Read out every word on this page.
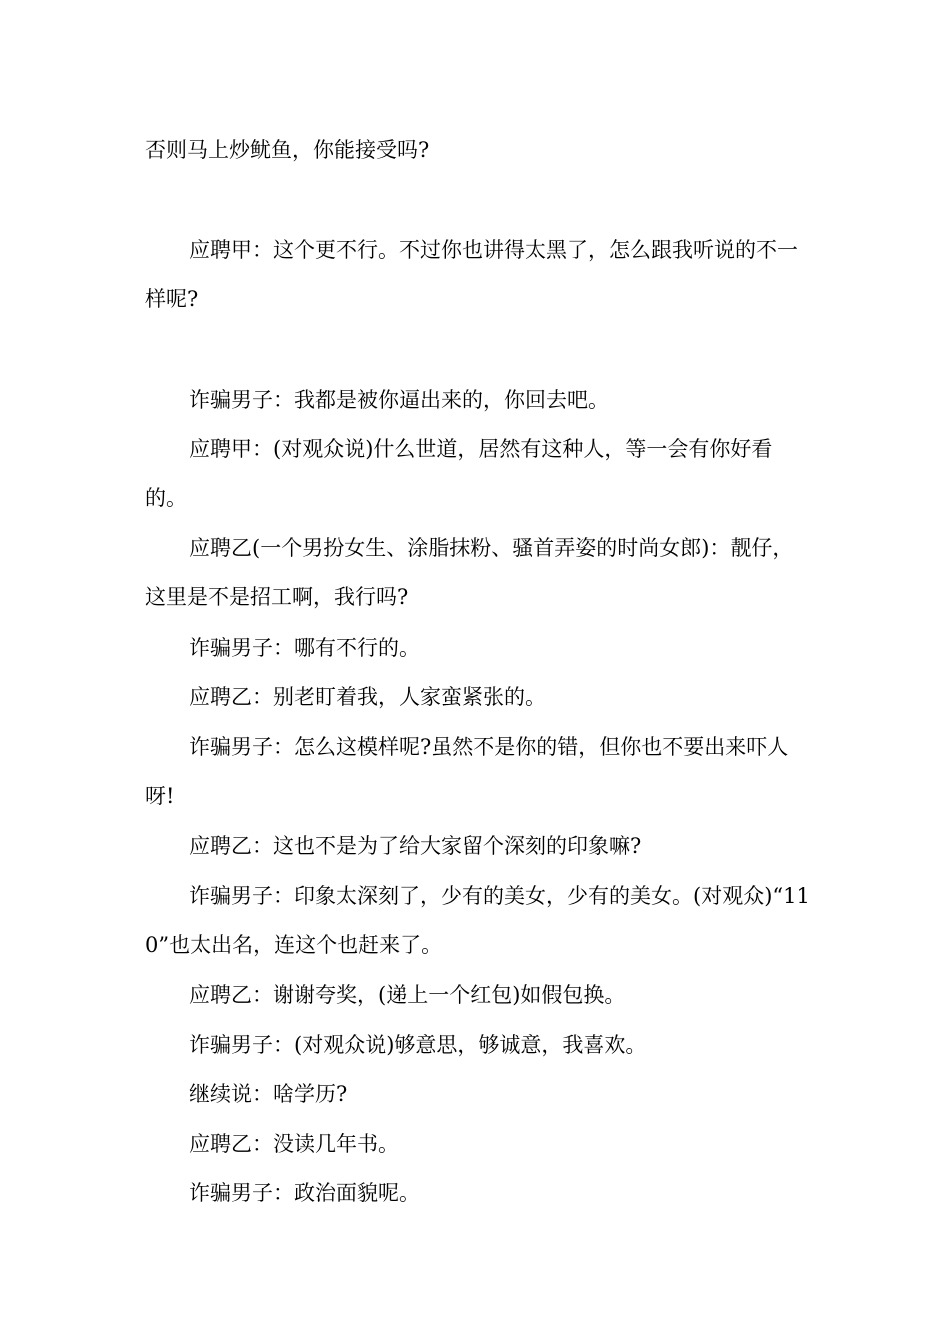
否则马上炒鱿鱼，你能接受吗?

应聘甲：这个更不行。不过你也讲得太黑了，怎么跟我听说的不一样呢?

诈骗男子：我都是被你逼出来的，你回去吧。

应聘甲：(对观众说)什么世道，居然有这种人，等一会有你好看的。

应聘乙(一个男扮女生、涂脂抹粉、骚首弄姿的时尚女郎)：靓仔，这里是不是招工啊，我行吗?

诈骗男子：哪有不行的。

应聘乙：别老盯着我，人家蛮紧张的。

诈骗男子：怎么这模样呢?虽然不是你的错，但你也不要出来吓人呀!

应聘乙：这也不是为了给大家留个深刻的印象嘛?

诈骗男子：印象太深刻了，少有的美女，少有的美女。(对观众)“110”也太出名，连这个也赶来了。

应聘乙：谢谢夸奖，(递上一个红包)如假包换。

诈骗男子：(对观众说)够意思，够诚意，我喜欢。

继续说：啥学历?

应聘乙：没读几年书。

诈骗男子：政治面貌呢。
